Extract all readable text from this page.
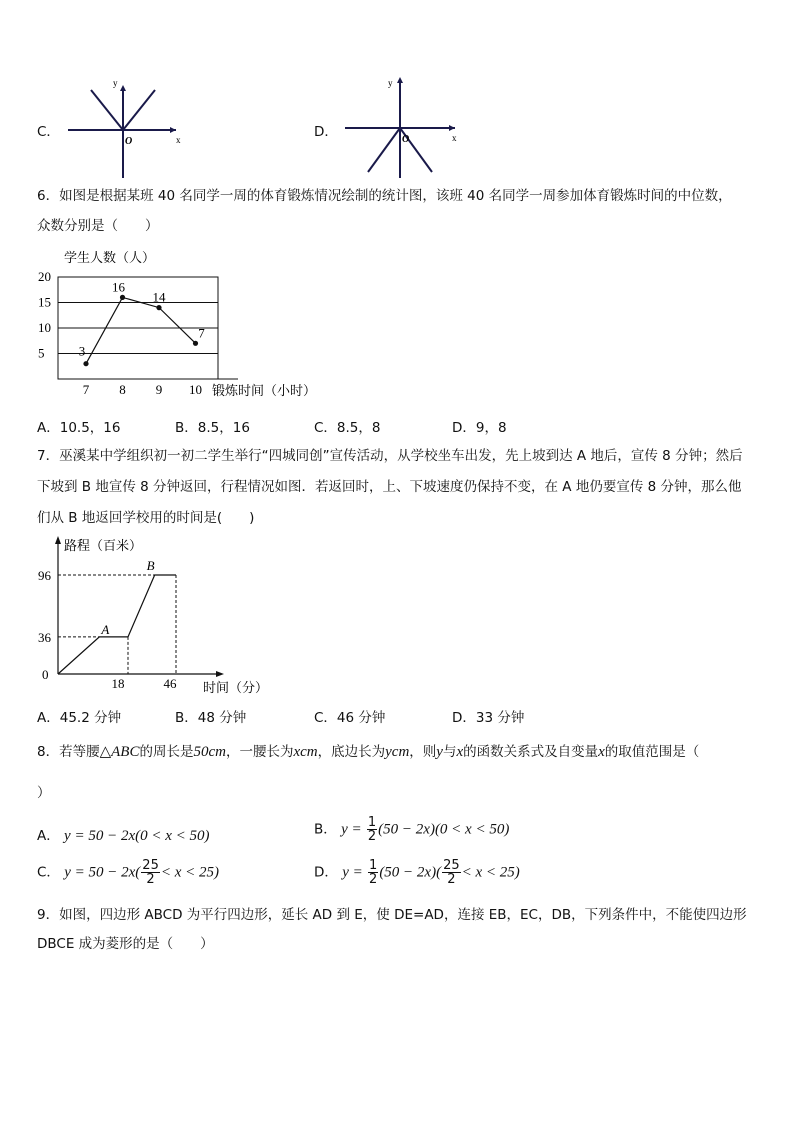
C．
y
x
O
D．
y
x
O
6．如图是根据某班 40 名同学一周的体育锻炼情况绘制的统计图，该班 40 名同学一周参加体育锻炼时间的中位数，
众数分别是（　　）
学生人数（人）
锻炼时间（小时）
5
10
15
20
7 8 9 10
3
16
14
7
A．10.5，16	B．8.5，16	C．8.5，8	D．9，8
7．巫溪某中学组织初一初二学生举行“四城同创”宣传活动，从学校坐车出发，先上坡到达 A 地后，宣传 8 分钟；然后
下坡到 B 地宣传 8 分钟返回，行程情况如图．若返回时，上、下坡速度仍保持不变，在 A 地仍要宣传 8 分钟，那么他
们从 B 地返回学校用的时间是(　　)
路程（百米）
时间（分）
96
36
0
18	46
A
B
A．45.2 分钟	B．48 分钟	C．46 分钟	D．33 分钟
8．若等腰△ABC的周长是50cm，一腰长为xcm，底边长为ycm，则y与x的函数关系式及自变量x的取值范围是（
）
A． y = 50 − 2x(0 < x < 50)	B． $y = \frac{1}{2} (50 - 2x)(0 < x < 50)$
C． $y = 50 - 2x( \frac{25}{2} < x < 25)$	D． $y = \frac{1}{2} (50 - 2x)( \frac{25}{2} < x < 25)$
9．如图，四边形 ABCD 为平行四边形，延长 AD 到 E，使 DE=AD，连接 EB，EC，DB，下列条件中，不能使四边形
DBCE 成为菱形的是（　　）
